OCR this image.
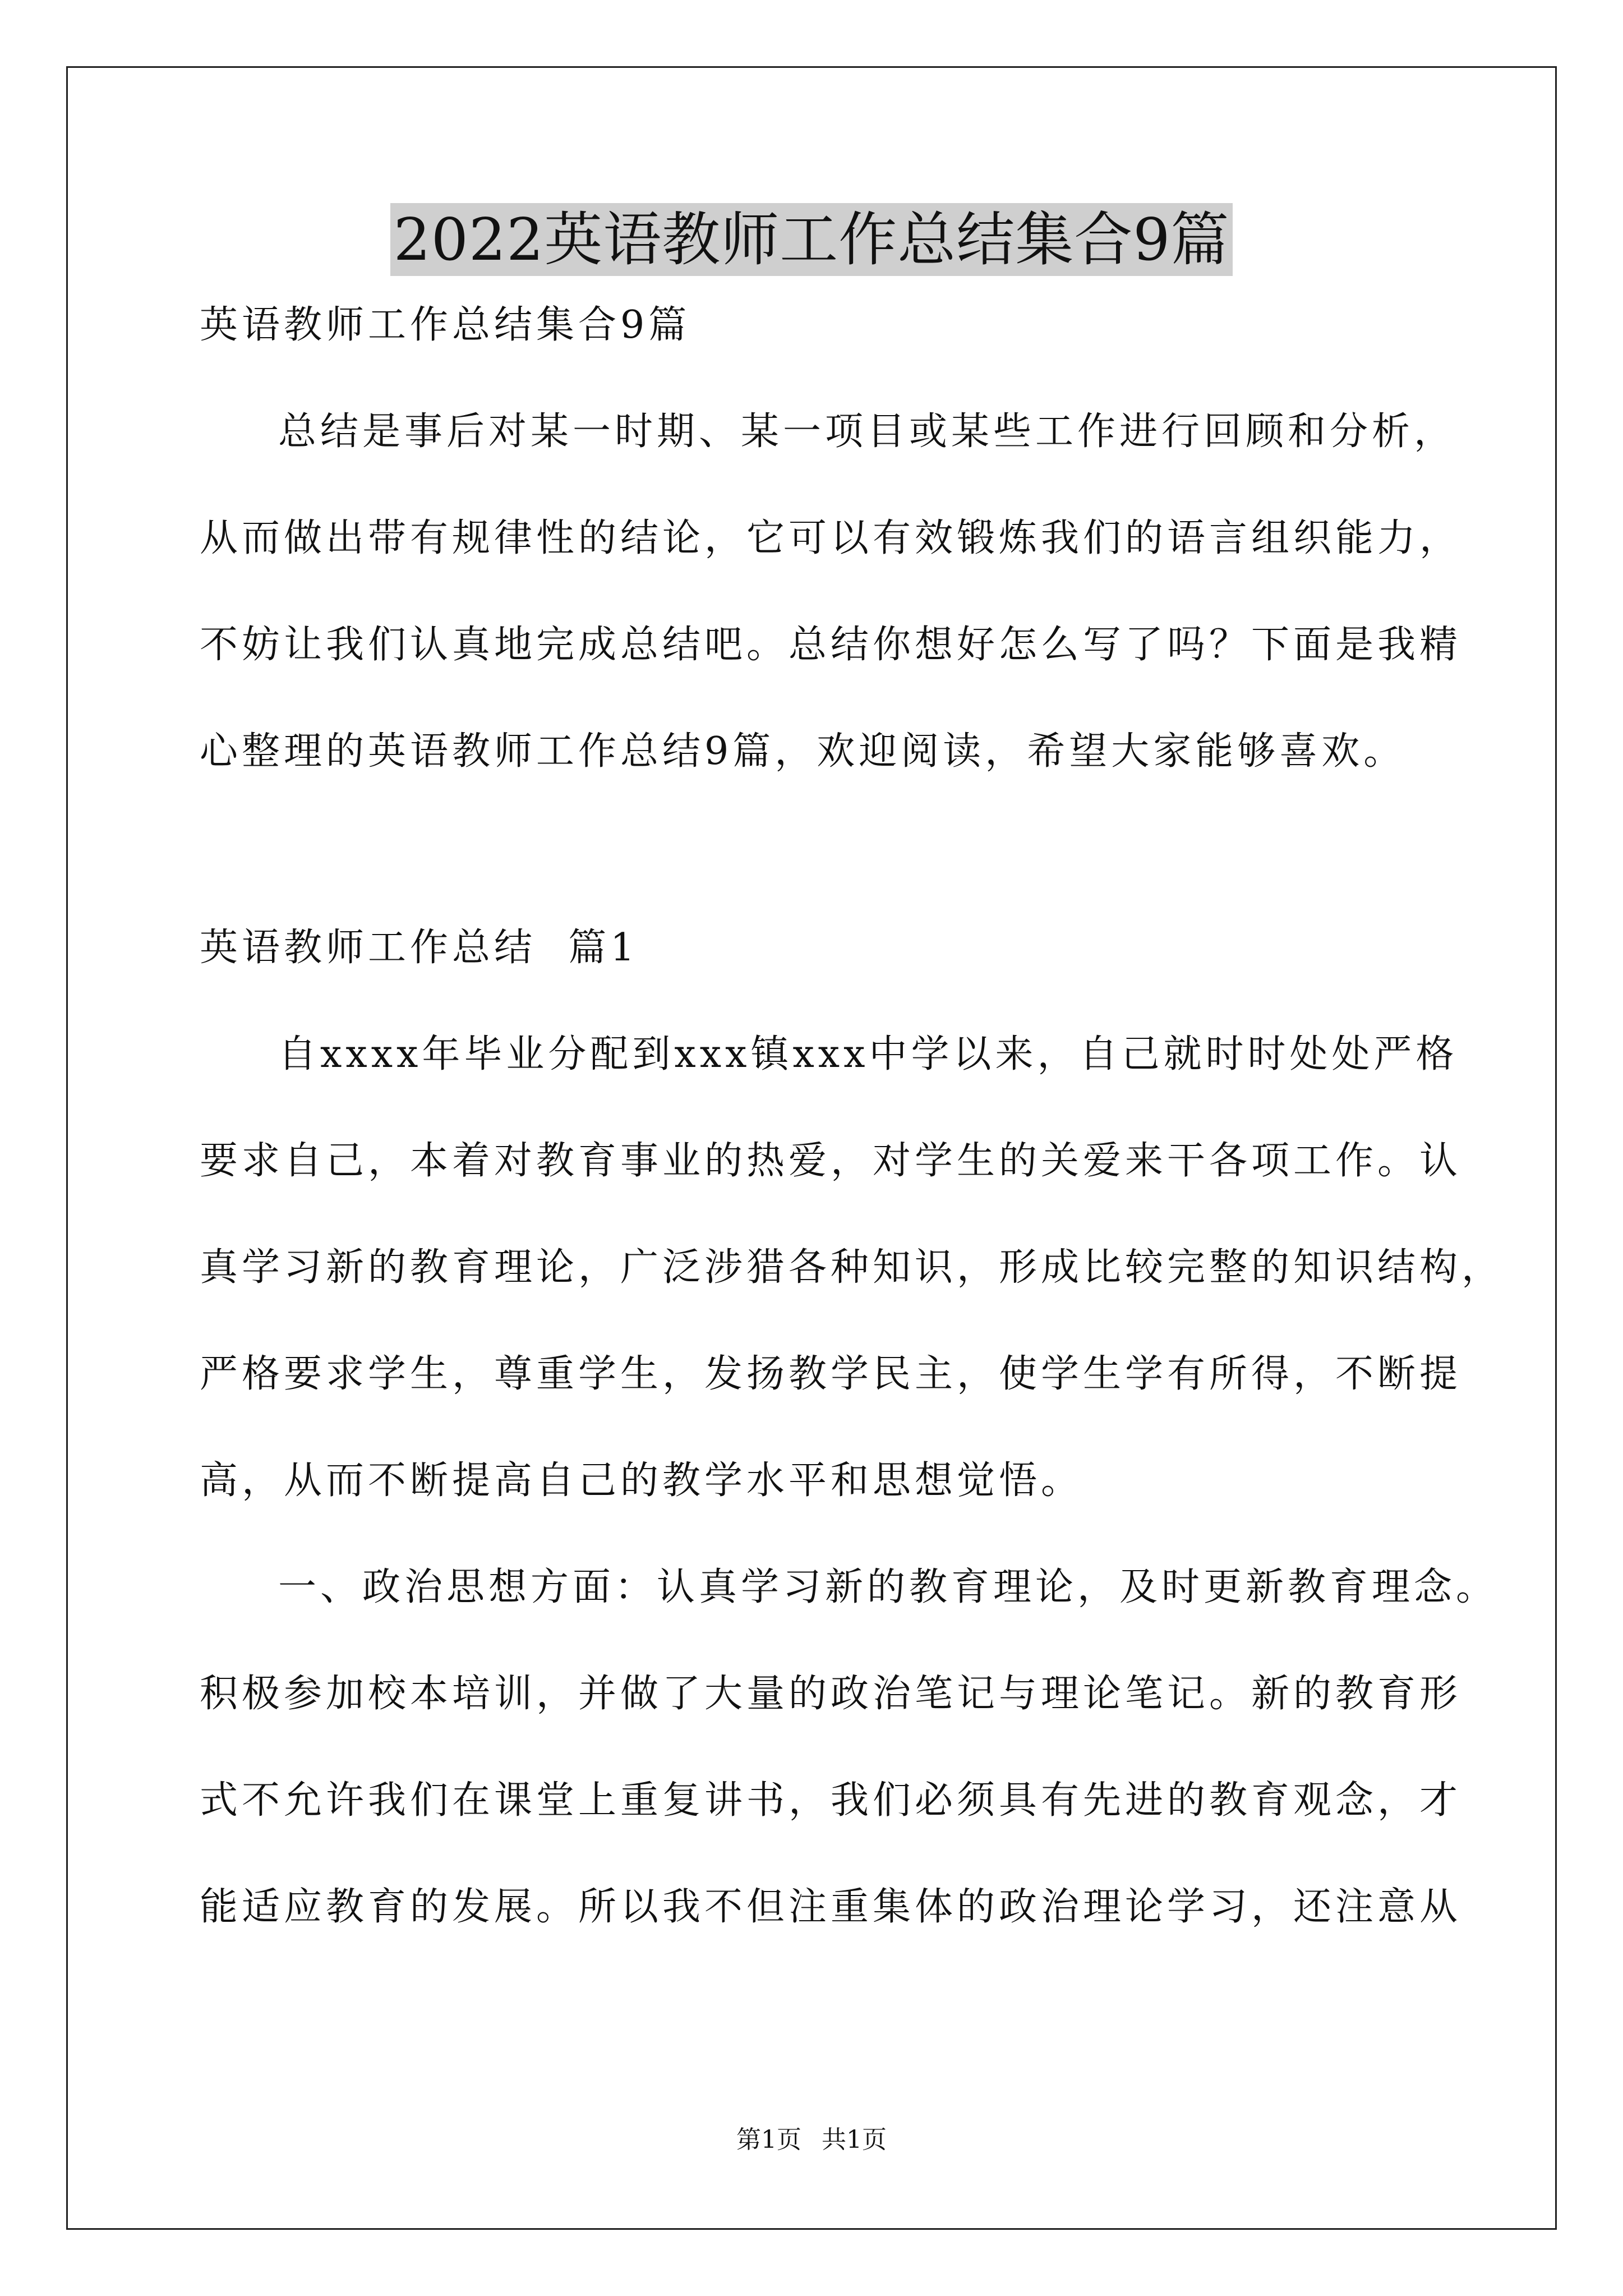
2022英语教师工作总结集合9篇
英语教师工作总结集合9篇
总结是事后对某一时期、某一项目或某些工作进行回顾和分析，
从而做出带有规律性的结论，它可以有效锻炼我们的语言组织能力，
不妨让我们认真地完成总结吧。总结你想好怎么写了吗？下面是我精
心整理的英语教师工作总结9篇，欢迎阅读，希望大家能够喜欢。
英语教师工作总结  篇1
自xxxx年毕业分配到xxx镇xxx中学以来，自己就时时处处严格
要求自己，本着对教育事业的热爱，对学生的关爱来干各项工作。认
真学习新的教育理论，广泛涉猎各种知识，形成比较完整的知识结构，
严格要求学生，尊重学生，发扬教学民主，使学生学有所得，不断提
高，从而不断提高自己的教学水平和思想觉悟。
一、政治思想方面：认真学习新的教育理论，及时更新教育理念。
积极参加校本培训，并做了大量的政治笔记与理论笔记。新的教育形
式不允许我们在课堂上重复讲书，我们必须具有先进的教育观念，才
能适应教育的发展。所以我不但注重集体的政治理论学习，还注意从
第1页 共1页
